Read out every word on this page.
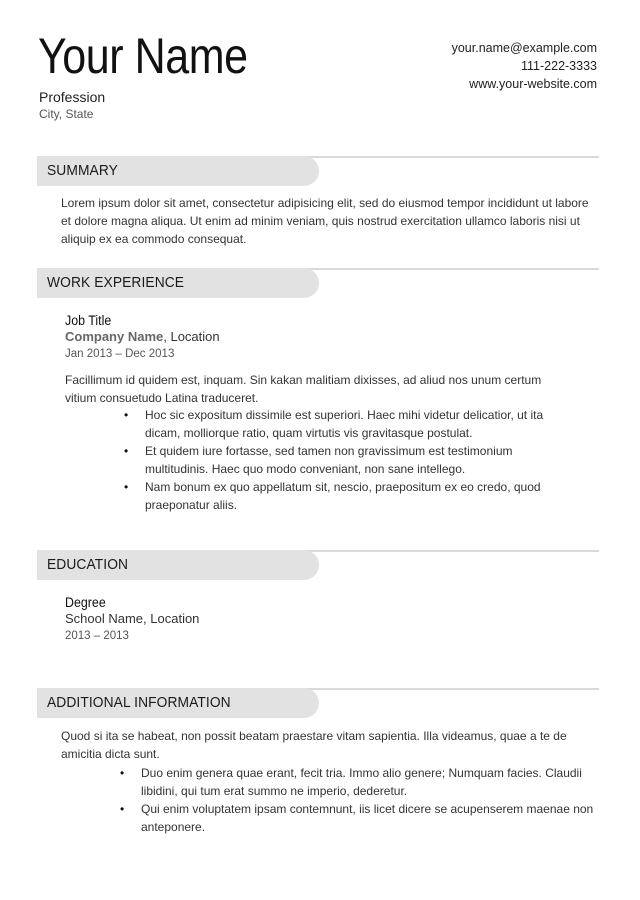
Your Name
Profession
City, State
your.name@example.com
111-222-3333
www.your-website.com
SUMMARY
Lorem ipsum dolor sit amet, consectetur adipisicing elit, sed do eiusmod tempor incididunt ut labore et dolore magna aliqua. Ut enim ad minim veniam, quis nostrud exercitation ullamco laboris nisi ut aliquip ex ea commodo consequat.
WORK EXPERIENCE
Job Title
Company Name, Location
Jan 2013 – Dec 2013
Facillimum id quidem est, inquam. Sin kakan malitiam dixisses, ad aliud nos unum certum vitium consuetudo Latina traduceret.
• Hoc sic expositum dissimile est superiori. Haec mihi videtur delicatior, ut ita dicam, molliorque ratio, quam virtutis vis gravitasque postulat.
• Et quidem iure fortasse, sed tamen non gravissimum est testimonium multitudinis. Haec quo modo conveniant, non sane intellego.
• Nam bonum ex quo appellatum sit, nescio, praepositum ex eo credo, quod praeponatur aliis.
EDUCATION
Degree
School Name, Location
2013 – 2013
ADDITIONAL INFORMATION
Quod si ita se habeat, non possit beatam praestare vitam sapientia. Illa videamus, quae a te de amicitia dicta sunt.
• Duo enim genera quae erant, fecit tria. Immo alio genere; Numquam facies. Claudii libidini, qui tum erat summo ne imperio, dederetur.
• Qui enim voluptatem ipsam contemnunt, iis licet dicere se acupenserem maenae non anteponere.
